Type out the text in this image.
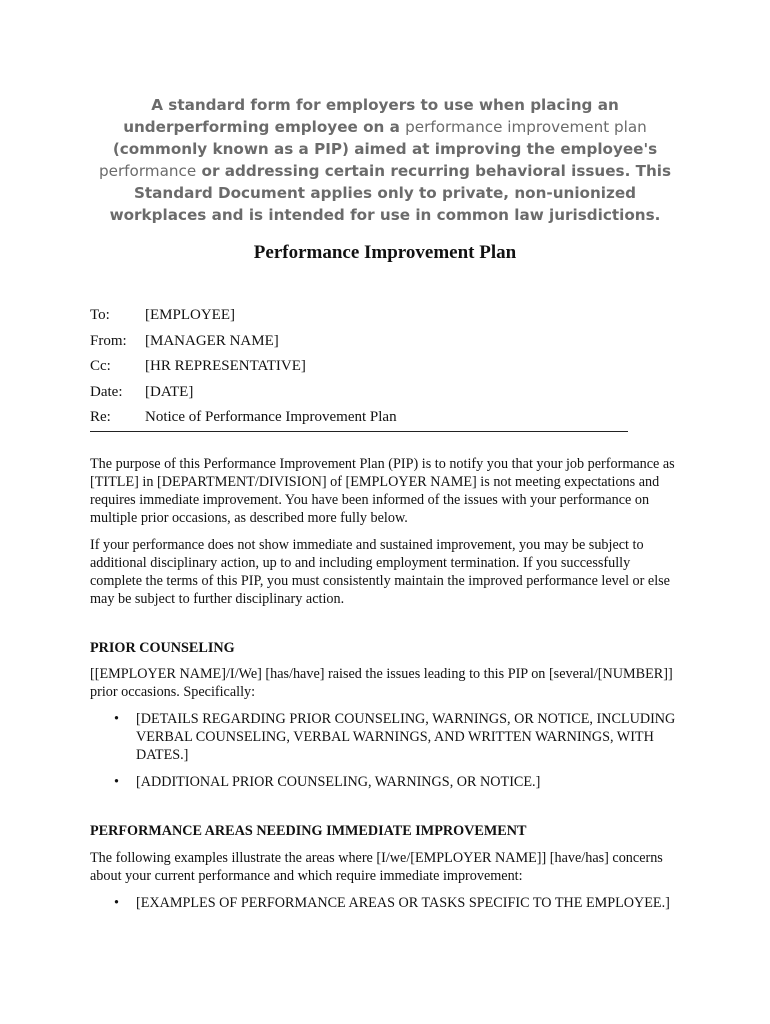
A standard form for employers to use when placing an underperforming employee on a performance improvement plan (commonly known as a PIP) aimed at improving the employee's performance or addressing certain recurring behavioral issues. This Standard Document applies only to private, non-unionized workplaces and is intended for use in common law jurisdictions.
Performance Improvement Plan
To:	[EMPLOYEE]
From:	[MANAGER NAME]
Cc:	[HR REPRESENTATIVE]
Date:	[DATE]
Re:	Notice of Performance Improvement Plan
The purpose of this Performance Improvement Plan (PIP) is to notify you that your job performance as [TITLE] in [DEPARTMENT/DIVISION] of [EMPLOYER NAME] is not meeting expectations and requires immediate improvement. You have been informed of the issues with your performance on multiple prior occasions, as described more fully below.
If your performance does not show immediate and sustained improvement, you may be subject to additional disciplinary action, up to and including employment termination. If you successfully complete the terms of this PIP, you must consistently maintain the improved performance level or else may be subject to further disciplinary action.
PRIOR COUNSELING
[[EMPLOYER NAME]/I/We] [has/have] raised the issues leading to this PIP on [several/[NUMBER]] prior occasions. Specifically:
•	[DETAILS REGARDING PRIOR COUNSELING, WARNINGS, OR NOTICE, INCLUDING VERBAL COUNSELING, VERBAL WARNINGS, AND WRITTEN WARNINGS, WITH DATES.]
•	[ADDITIONAL PRIOR COUNSELING, WARNINGS, OR NOTICE.]
PERFORMANCE AREAS NEEDING IMMEDIATE IMPROVEMENT
The following examples illustrate the areas where [I/we/[EMPLOYER NAME]] [have/has] concerns about your current performance and which require immediate improvement:
•	[EXAMPLES OF PERFORMANCE AREAS OR TASKS SPECIFIC TO THE EMPLOYEE.]
